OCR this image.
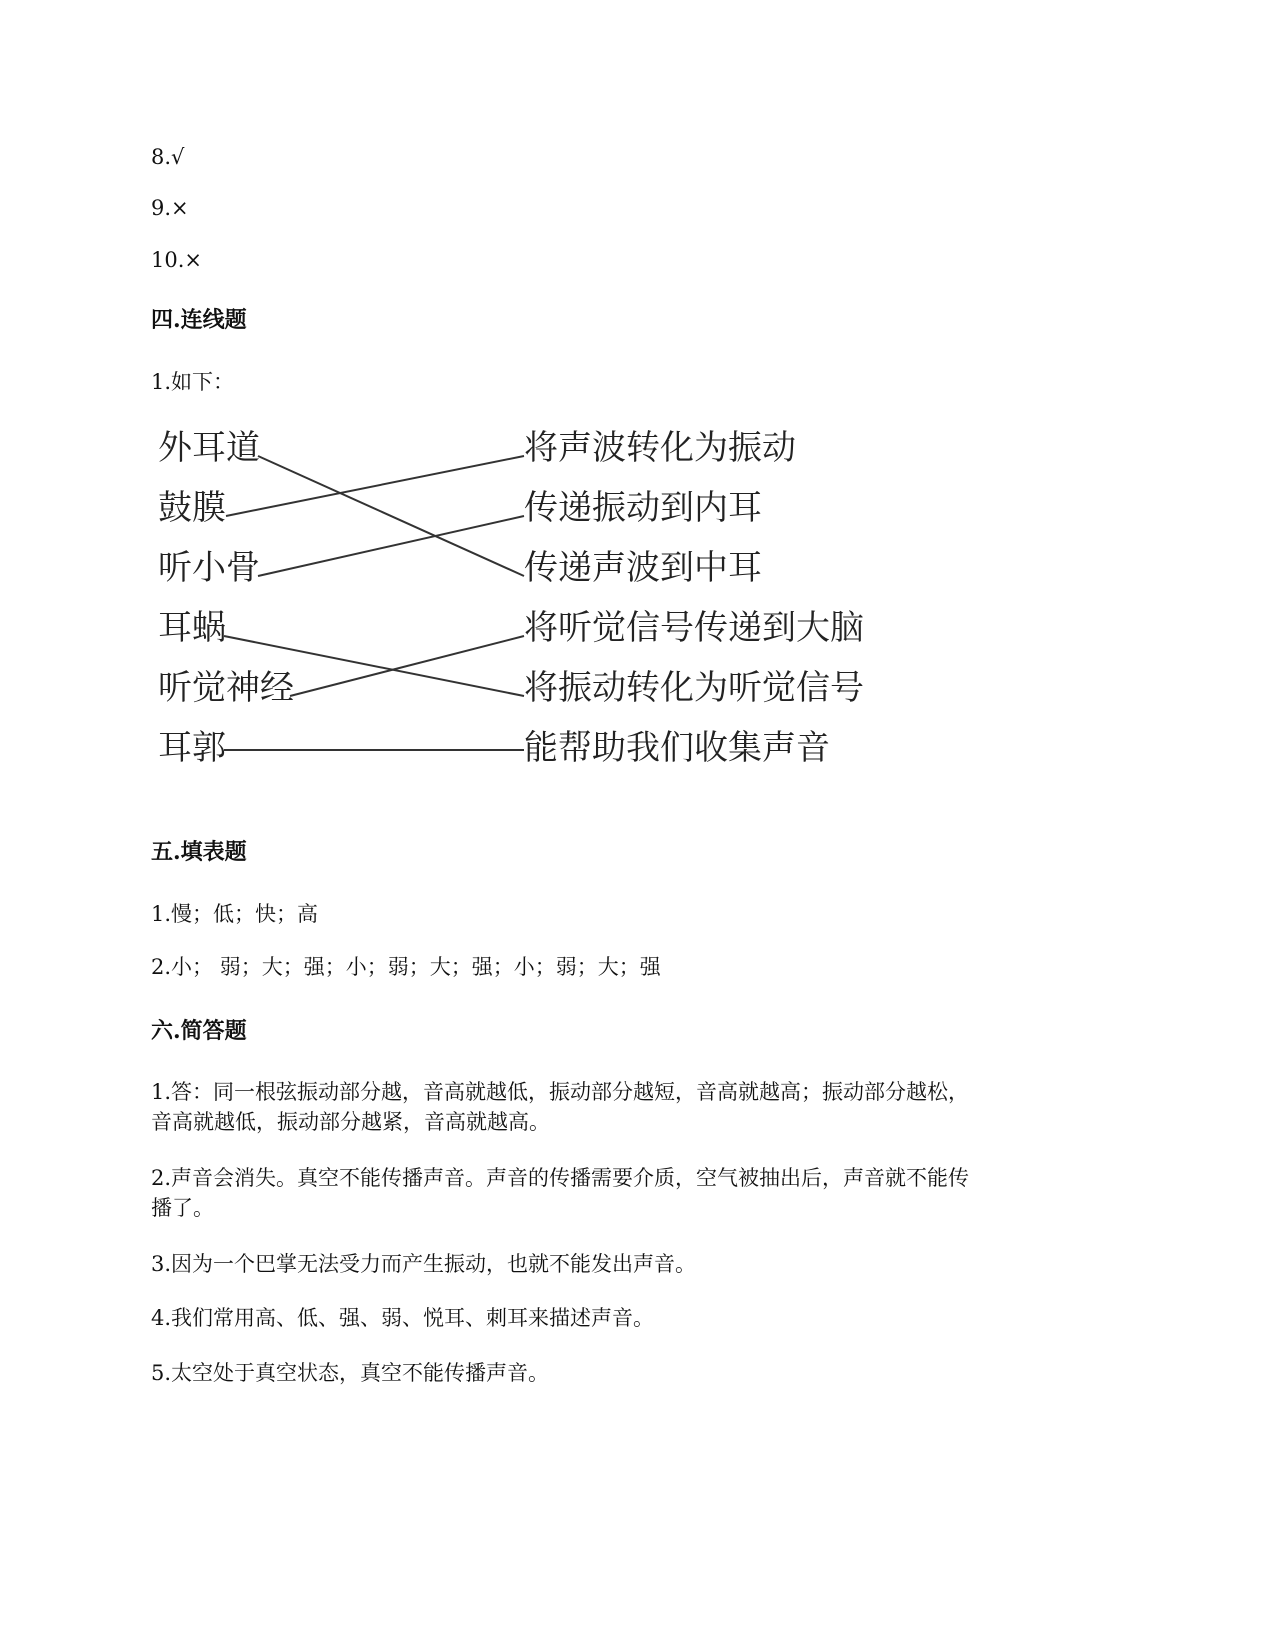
8.√
9.×
10.×
四.连线题
1.如下：
外耳道
鼓膜
听小骨
耳蜗
听觉神经
耳郭
将声波转化为振动
传递振动到内耳
传递声波到中耳
将听觉信号传递到大脑
将振动转化为听觉信号
能帮助我们收集声音
五.填表题
1.慢；低；快；高
2.小； 弱；大；强；小；弱；大；强；小；弱；大；强
六.简答题
1.答：同一根弦振动部分越，音高就越低，振动部分越短，音高就越高；振动部分越松，
音高就越低，振动部分越紧，音高就越高。
2.声音会消失。真空不能传播声音。声音的传播需要介质，空气被抽出后，声音就不能传
播了。
3.因为一个巴掌无法受力而产生振动，也就不能发出声音。
4.我们常用高、低、强、弱、悦耳、刺耳来描述声音。
5.太空处于真空状态，真空不能传播声音。
